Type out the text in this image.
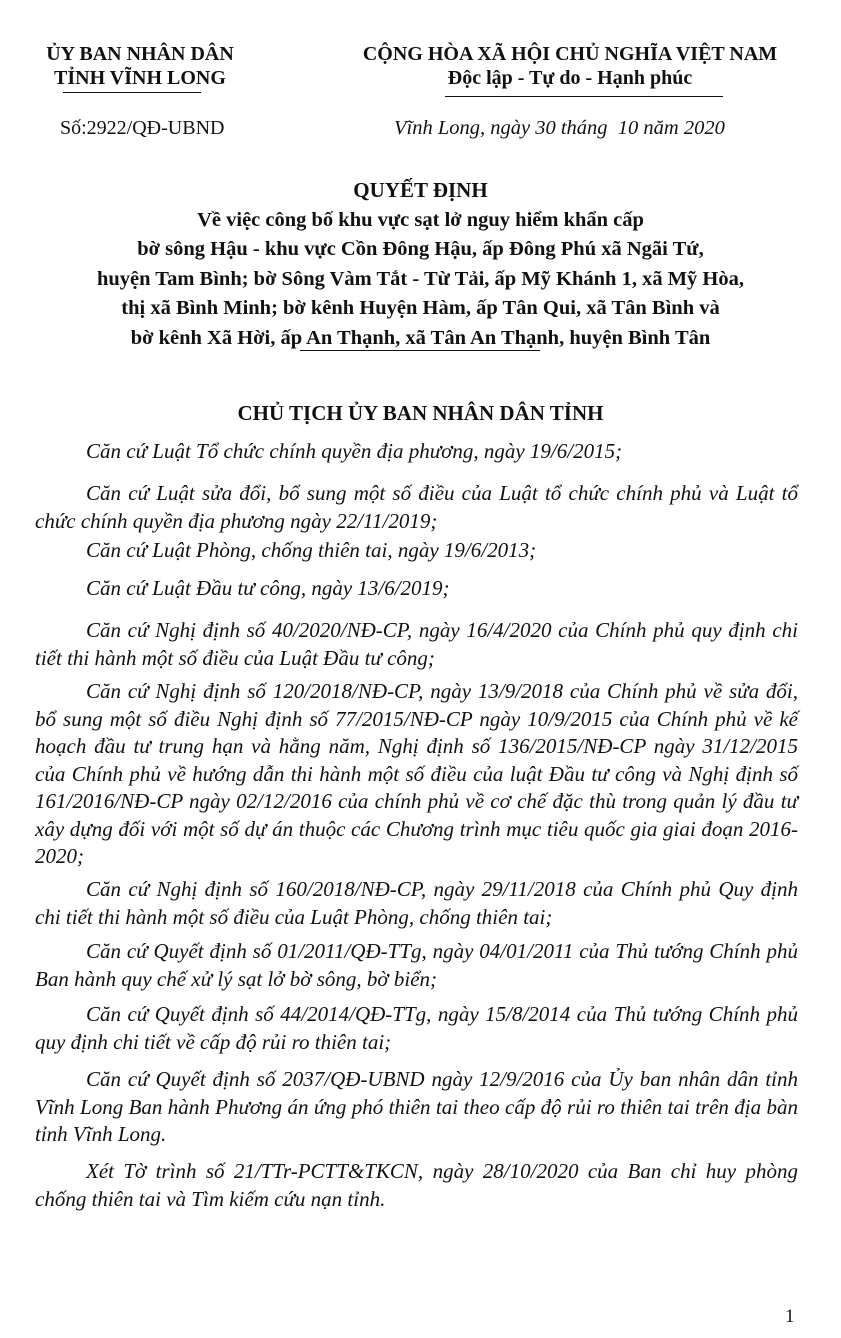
ỦY BAN NHÂN DÂN
TỈNH VĨNH LONG
CỘNG HÒA XÃ HỘI CHỦ NGHĨA VIỆT NAM
Độc lập - Tự do - Hạnh phúc
Số:2922/QĐ-UBND	Vĩnh Long, ngày 30 tháng  10 năm 2020
QUYẾT ĐỊNH
Về việc công bố khu vực sạt lở nguy hiểm khẩn cấp
bờ sông Hậu - khu vực Cồn Đông Hậu, ấp Đông Phú xã Ngãi Tứ,
huyện Tam Bình; bờ Sông Vàm Tắt - Từ Tải, ấp Mỹ Khánh 1, xã Mỹ Hòa,
thị xã Bình Minh; bờ kênh Huyện Hàm, ấp Tân Qui, xã Tân Bình và
bờ kênh Xã Hời, ấp An Thạnh, xã Tân An Thạnh, huyện Bình Tân
CHỦ TỊCH ỦY BAN NHÂN DÂN TỈNH
Căn cứ Luật Tổ chức chính quyền địa phương, ngày 19/6/2015;
Căn cứ Luật sửa đổi, bổ sung một số điều của Luật tổ chức chính phủ và Luật tổ chức chính quyền địa phương ngày 22/11/2019;
Căn cứ Luật Phòng, chống thiên tai, ngày 19/6/2013;
Căn cứ Luật Đầu tư công, ngày 13/6/2019;
Căn cứ Nghị định số 40/2020/NĐ-CP, ngày 16/4/2020 của Chính phủ quy định chi tiết thi hành một số điều của Luật Đầu tư công;
Căn cứ Nghị định số 120/2018/NĐ-CP, ngày 13/9/2018 của Chính phủ về sửa đổi, bổ sung một số điều Nghị định số 77/2015/NĐ-CP ngày 10/9/2015 của Chính phủ về kế hoạch đầu tư trung hạn và hằng năm, Nghị định số 136/2015/NĐ-CP ngày 31/12/2015 của Chính phủ về hướng dẫn thi hành một số điều của luật Đầu tư công và Nghị định số 161/2016/NĐ-CP ngày 02/12/2016 của chính phủ về cơ chế đặc thù trong quản lý đầu tư xây dựng đối với một số dự án thuộc các Chương trình mục tiêu quốc gia giai đoạn 2016-2020;
Căn cứ Nghị định số 160/2018/NĐ-CP, ngày 29/11/2018 của Chính phủ Quy định chi tiết thi hành một số điều của Luật Phòng, chống thiên tai;
Căn cứ Quyết định số 01/2011/QĐ-TTg, ngày 04/01/2011 của Thủ tướng Chính phủ Ban hành quy chế xử lý sạt lở bờ sông, bờ biển;
Căn cứ Quyết định số 44/2014/QĐ-TTg, ngày 15/8/2014 của Thủ tướng Chính phủ quy định chi tiết về cấp độ rủi ro thiên tai;
Căn cứ Quyết định số 2037/QĐ-UBND ngày 12/9/2016 của Ủy ban nhân dân tỉnh Vĩnh Long Ban hành Phương án ứng phó thiên tai theo cấp độ rủi ro thiên tai trên địa bàn tỉnh Vĩnh Long.
Xét Tờ trình số 21/TTr-PCTT&TKCN, ngày 28/10/2020 của Ban chỉ huy phòng chống thiên tai và Tìm kiếm cứu nạn tỉnh.
1
